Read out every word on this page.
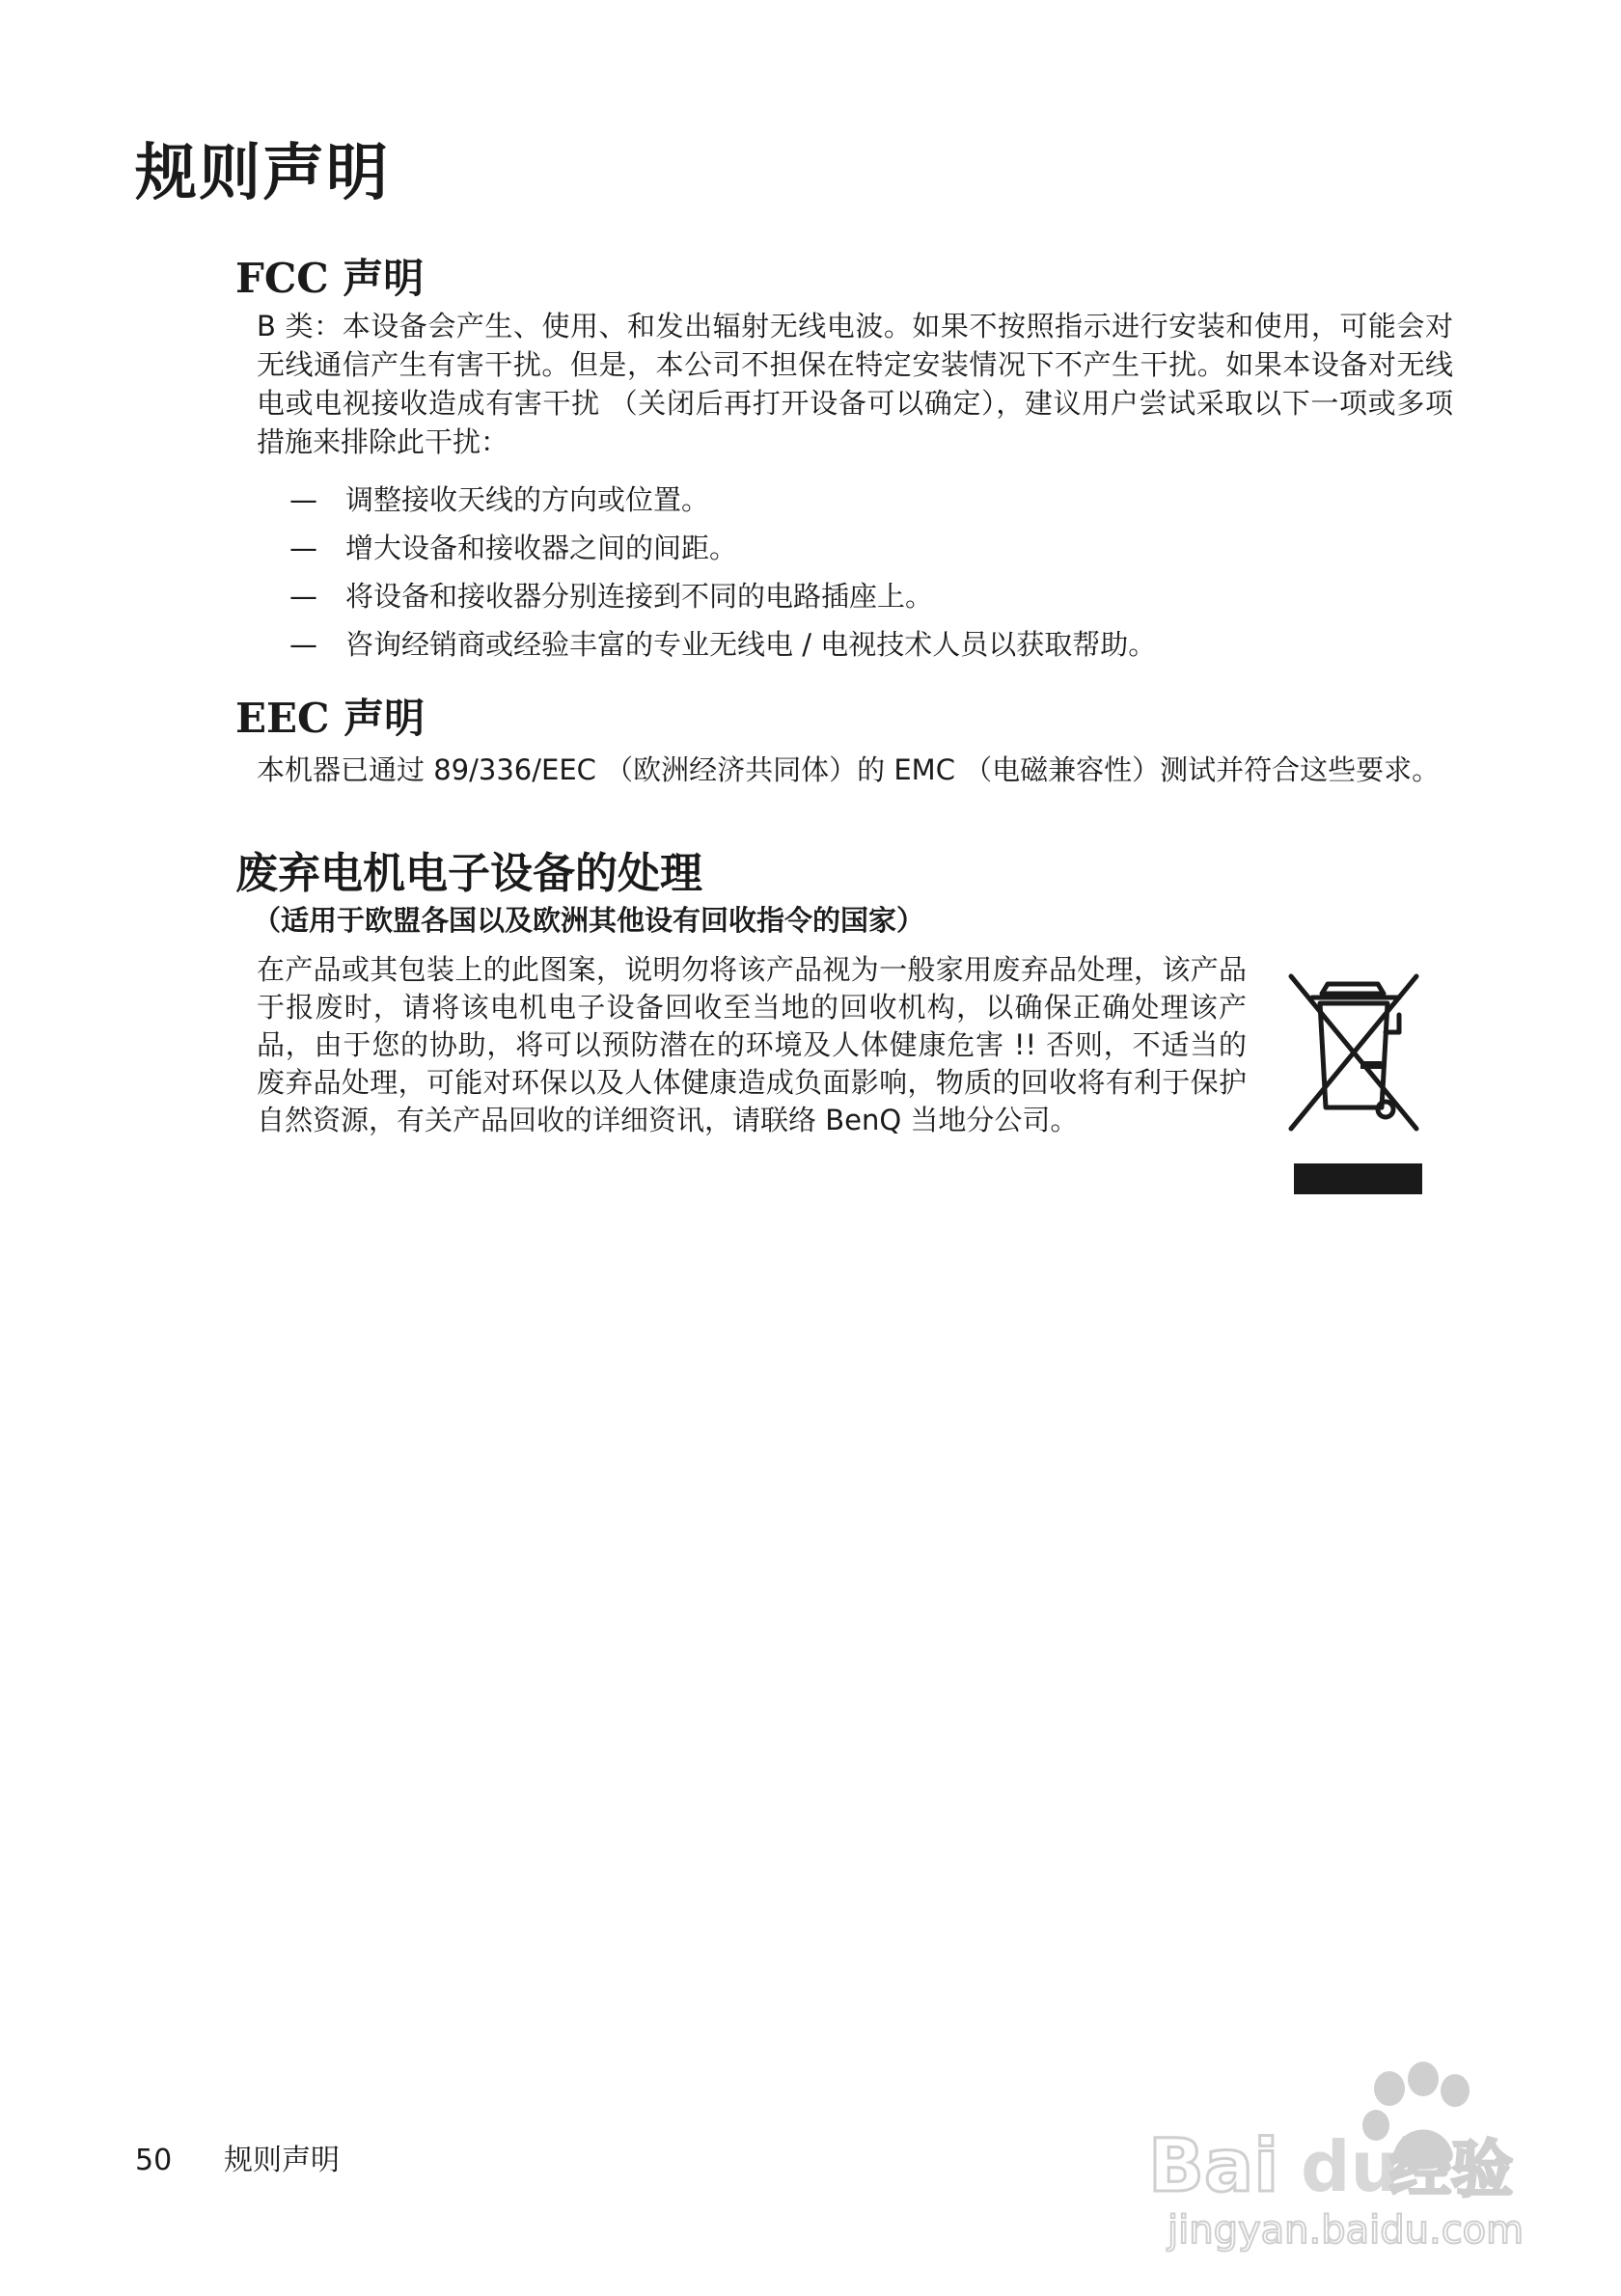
规则声明
FCC 声明

B 类：本设备会产生、使用、和发出辐射无线电波。如果不按照指示进行安装和使用，可能会对无线通信产生有害干扰。但是，本公司不担保在特定安装情况下不产生干扰。如果本设备对无线电或电视接收造成有害干扰 （关闭后再打开设备可以确定），建议用户尝试采取以下一项或多项措施来排除此干扰：

— 调整接收天线的方向或位置。
— 增大设备和接收器之间的间距。
— 将设备和接收器分别连接到不同的电路插座上。
— 咨询经销商或经验丰富的专业无线电 / 电视技术人员以获取帮助。
EEC 声明

本机器已通过 89/336/EEC （欧洲经济共同体）的 EMC （电磁兼容性）测试并符合这些要求。

废弃电机电子设备的处理

（适用于欧盟各国以及欧洲其他设有回收指令的国家）

在产品或其包装上的此图案，说明勿将该产品视为一般家用废弃品处理，该产品于报废时，请将该电机电子设备回收至当地的回收机构，以确保正确处理该产品，由于您的协助，将可以预防潜在的环境及人体健康危害 !! 否则，不适当的废弃品处理，可能对环保以及人体健康造成负面影响，物质的回收将有利于保护自然资源，有关产品回收的详细资讯，请联络 BenQ 当地分公司。

50 规则声明	Bai du
经验
jingyan.baidu.com
